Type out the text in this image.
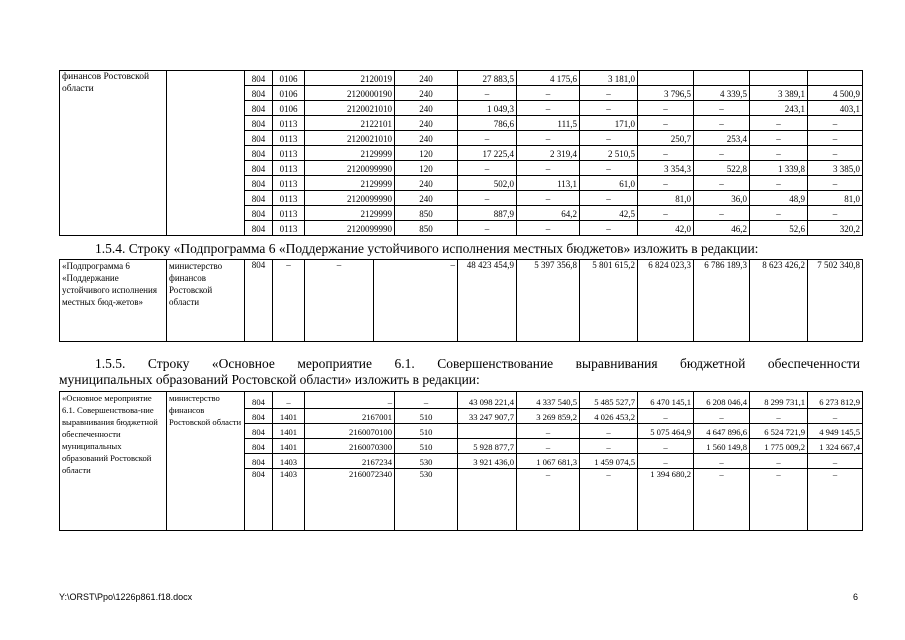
финансов Ростовской области		804	0106	2120019	240	27 883,5	4 175,6	3 181,0					
		804	0106	2120000190	240	–	–	–	3 796,5	4 339,5	3 389,1	4 500,9	
		804	0106	2120021010	240	1 049,3	–	–	–	–	243,1	403,1	
		804	0113	2122101	240	786,6	111,5	171,0	–	–	–	–	
		804	0113	2120021010	240	–	–	–	250,7	253,4	–	–	
		804	0113	2129999	120	17 225,4	2 319,4	2 510,5	–	–	–	–	
		804	0113	2120099990	120	–	–	–	3 354,3	522,8	1 339,8	3 385,0	
		804	0113	2129999	240	502,0	113,1	61,0	–	–	–	–	
		804	0113	2120099990	240	–	–	–	81,0	36,0	48,9	81,0	
		804	0113	2129999	850	887,9	64,2	42,5	–	–	–	–	
		804	0113	2120099990	850	–	–	–	42,0	46,2	52,6	320,2	
1.5.4. Строку «Подпрограмма 6 «Поддержание устойчивого исполнения местных бюджетов» изложить в редакции:
«Подпрограмма 6 «Поддержание устойчивого исполнения местных бюд-жетов»	министерство финансов Ростовской области	804	–	–	–	48 423 454,9	5 397 356,8	5 801 615,2	6 824 023,3	6 786 189,3	8 623 426,2	7 502 340,8
1.5.5. Строку «Основное мероприятие 6.1. Совершенствование выравнивания бюджетной обеспеченности
муниципальных образований Ростовской области» изложить в редакции:
«Основное мероприятие 6.1. Совершенствова-ние выравнивания бюджетной обеспеченности муниципальных образований Ростовской области	министерство финансов Ростовской области	804	–	–	–	43 098 221,4	4 337 540,5	5 485 527,7	6 470 145,1	6 208 046,4	8 299 731,1	6 273 812,9	
		804	1401	2167001	510	33 247 907,7	3 269 859,2	4 026 453,2	–	–	–	–	
		804	1401	2160070100	510		–	–	5 075 464,9	4 647 896,6	6 524 721,9	4 949 145,5	
		804	1401	2160070300	510	5 928 877,7	–	–	–	1 560 149,8	1 775 009,2	1 324 667,4	
		804	1403	2167234	530	3 921 436,0	1 067 681,3	1 459 074,5	–	–	–	–	
		804	1403	2160072340	530		–	–	1 394 680,2	–	–	–	
Y:\ORST\Ppo\1226p861.f18.docx	6
